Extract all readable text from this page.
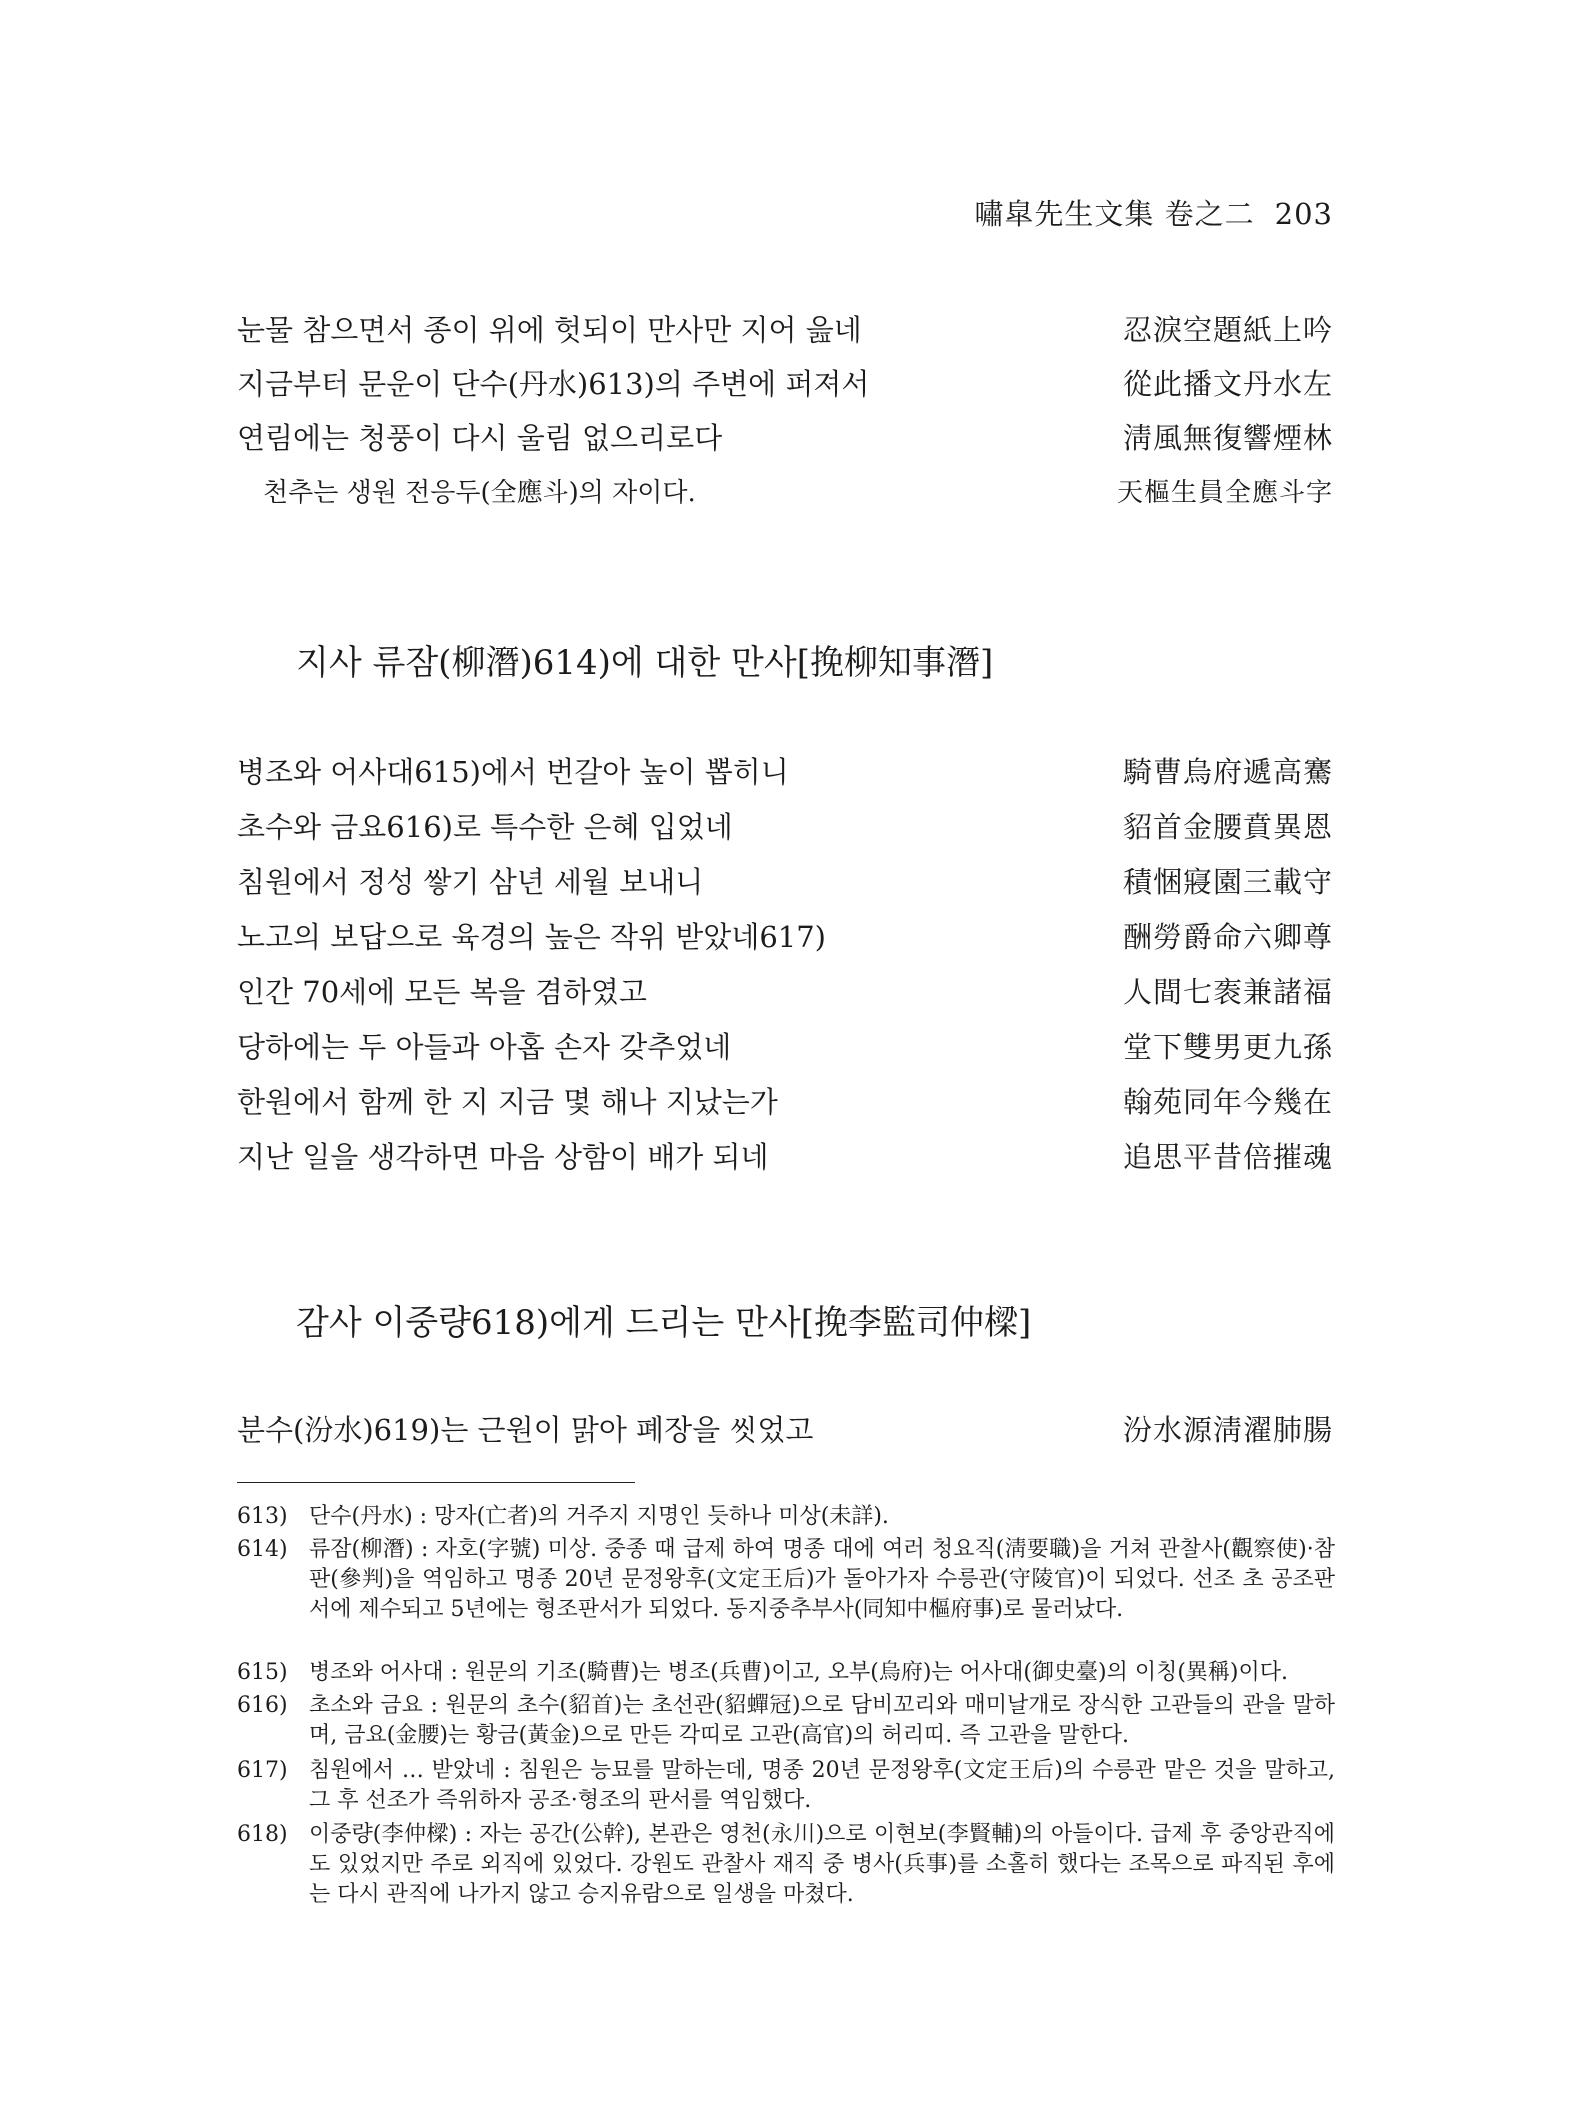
嘯皐先生文集 卷之二 203
눈물 참으면서 종이 위에 헛되이 만사만 지어 읊네	忍淚空題紙上吟
지금부터 문운이 단수(丹水)613)의 주변에 퍼져서	從此播文丹水左
연림에는 청풍이 다시 울림 없으리로다	淸風無復響煙林
천추는 생원 전응두(全應斗)의 자이다.	天樞生員全應斗字
지사 류잠(柳潛)614)에 대한 만사[挽柳知事潛]
병조와 어사대615)에서 번갈아 높이 뽑히니	騎曹烏府遞高騫
초수와 금요616)로 특수한 은혜 입었네	貂首金腰賁異恩
침원에서 정성 쌓기 삼년 세월 보내니	積悃寢園三載守
노고의 보답으로 육경의 높은 작위 받았네617)	酬勞爵命六卿尊
인간 70세에 모든 복을 겸하였고	人間七袠兼諸福
당하에는 두 아들과 아홉 손자 갖추었네	堂下雙男更九孫
한원에서 함께 한 지 지금 몇 해나 지났는가	翰苑同年今幾在
지난 일을 생각하면 마음 상함이 배가 되네	追思平昔倍摧魂
감사 이중량618)에게 드리는 만사[挽李監司仲樑]
분수(汾水)619)는 근원이 맑아 폐장을 씻었고	汾水源淸濯肺腸
613) 단수(丹水) : 망자(亡者)의 거주지 지명인 듯하나 미상(未詳).
614) 류잠(柳潛) : 자호(字號) 미상. 중종 때 급제 하여 명종 대에 여러 청요직(淸要職)을 거쳐 관찰사(觀察使)·참판(參判)을 역임하고 명종 20년 문정왕후(文定王后)가 돌아가자 수릉관(守陵官)이 되었다. 선조 초 공조판서에 제수되고 5년에는 형조판서가 되었다. 동지중추부사(同知中樞府事)로 물러났다.
615) 병조와 어사대 : 원문의 기조(騎曹)는 병조(兵曹)이고, 오부(烏府)는 어사대(御史臺)의 이칭(異稱)이다.
616) 초소와 금요 : 원문의 초수(貂首)는 초선관(貂蟬冠)으로 담비꼬리와 매미날개로 장식한 고관들의 관을 말하며, 금요(金腰)는 황금(黃金)으로 만든 각띠로 고관(高官)의 허리띠. 즉 고관을 말한다.
617) 침원에서 … 받았네 : 침원은 능묘를 말하는데, 명종 20년 문정왕후(文定王后)의 수릉관 맡은 것을 말하고, 그 후 선조가 즉위하자 공조·형조의 판서를 역임했다.
618) 이중량(李仲樑) : 자는 공간(公幹), 본관은 영천(永川)으로 이현보(李賢輔)의 아들이다. 급제 후 중앙관직에도 있었지만 주로 외직에 있었다. 강원도 관찰사 재직 중 병사(兵事)를 소홀히 했다는 조목으로 파직된 후에는 다시 관직에 나가지 않고 승지유람으로 일생을 마쳤다.
